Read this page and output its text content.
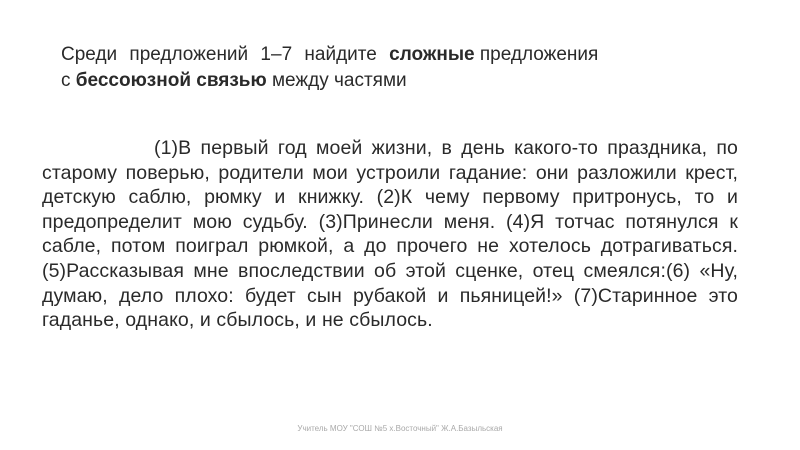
Среди предложений 1–7 найдите сложные предложения
с бессоюзной связью между частями
(1)В первый год моей жизни, в день какого-то праздника, по старому поверью, родители мои устроили гадание: они разложили крест, детскую саблю, рюмку и книжку. (2)К чему первому притронусь, то и предопределит мою судьбу. (3)Принесли меня. (4)Я тотчас потянулся к сабле, потом поиграл рюмкой, а до прочего не хотелось дотрагиваться. (5)Рассказывая мне впоследствии об этой сценке, отец смеялся:(6) «Ну, думаю, дело плохо: будет сын рубакой и пьяницей!» (7)Старинное это гаданье, однако, и сбылось, и не сбылось.
Учитель МОУ "СОШ №5 х.Восточный" Ж.А.Базыльская
